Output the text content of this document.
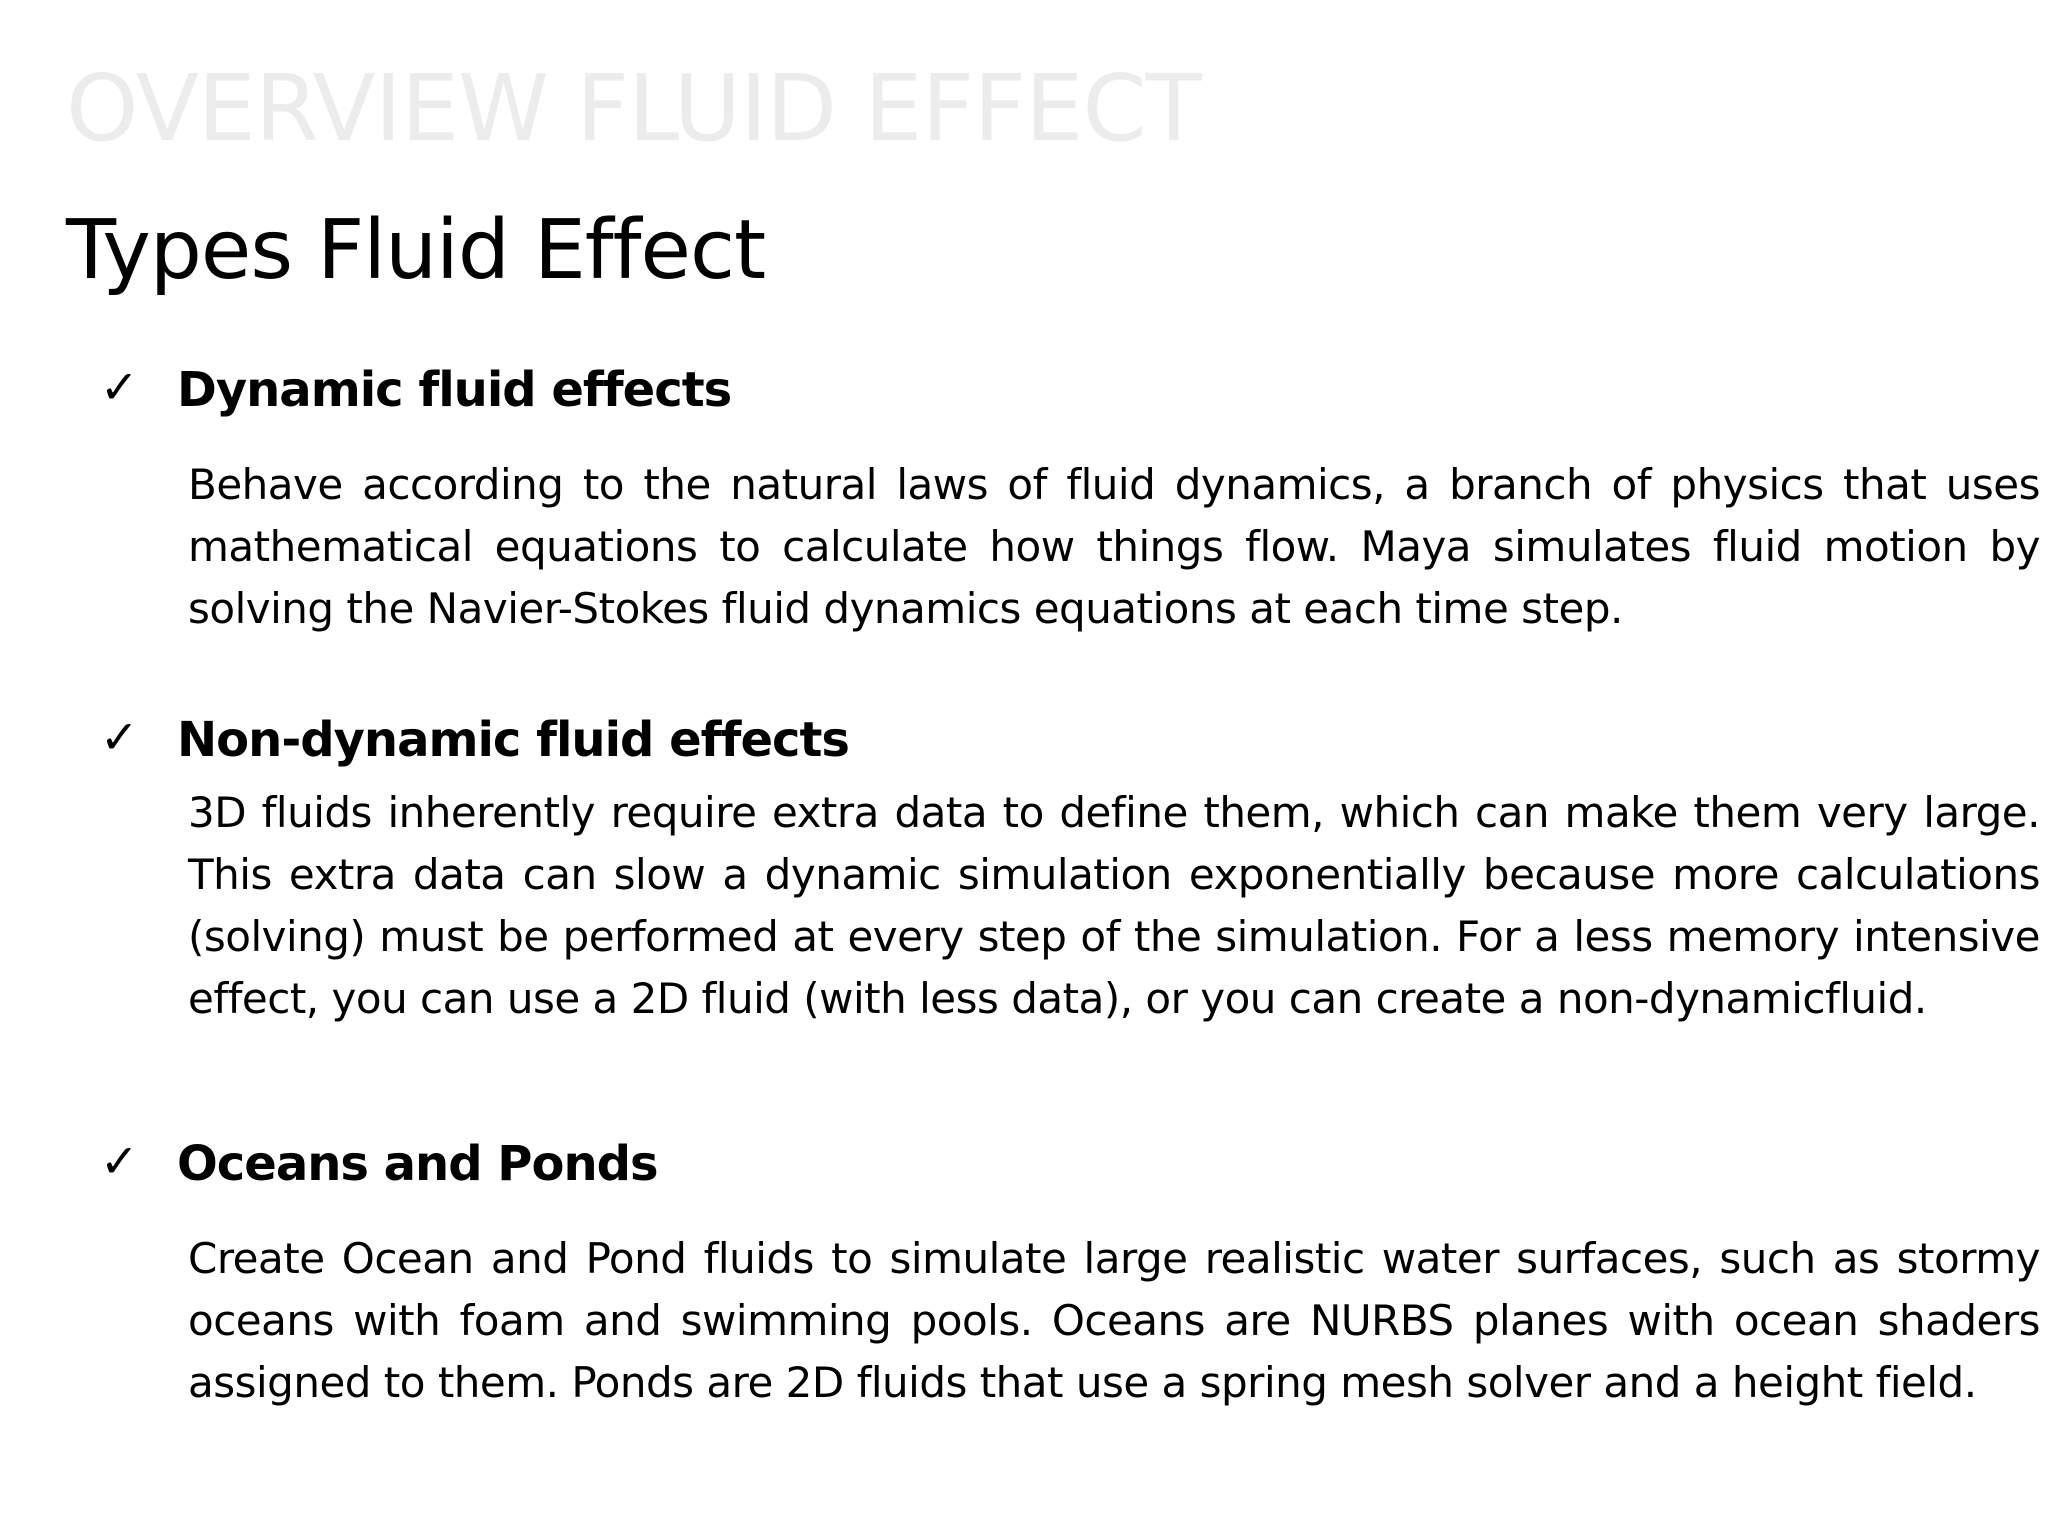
OVERVIEW FLUID EFFECT
Types Fluid Effect
✓ Dynamic fluid effects

Behave according to the natural laws of fluid dynamics, a branch of physics that uses mathematical equations to calculate how things flow. Maya simulates fluid motion by solving the Navier-Stokes fluid dynamics equations at each time step.

✓ Non-dynamic fluid effects

3D fluids inherently require extra data to define them, which can make them very large. This extra data can slow a dynamic simulation exponentially because more calculations (solving) must be performed at every step of the simulation. For a less memory intensive effect, you can use a 2D fluid (with less data), or you can create a non-dynamicfluid.

✓ Oceans and Ponds

Create Ocean and Pond fluids to simulate large realistic water surfaces, such as stormy oceans with foam and swimming pools. Oceans are NURBS planes with ocean shaders assigned to them. Ponds are 2D fluids that use a spring mesh solver and a height field.
